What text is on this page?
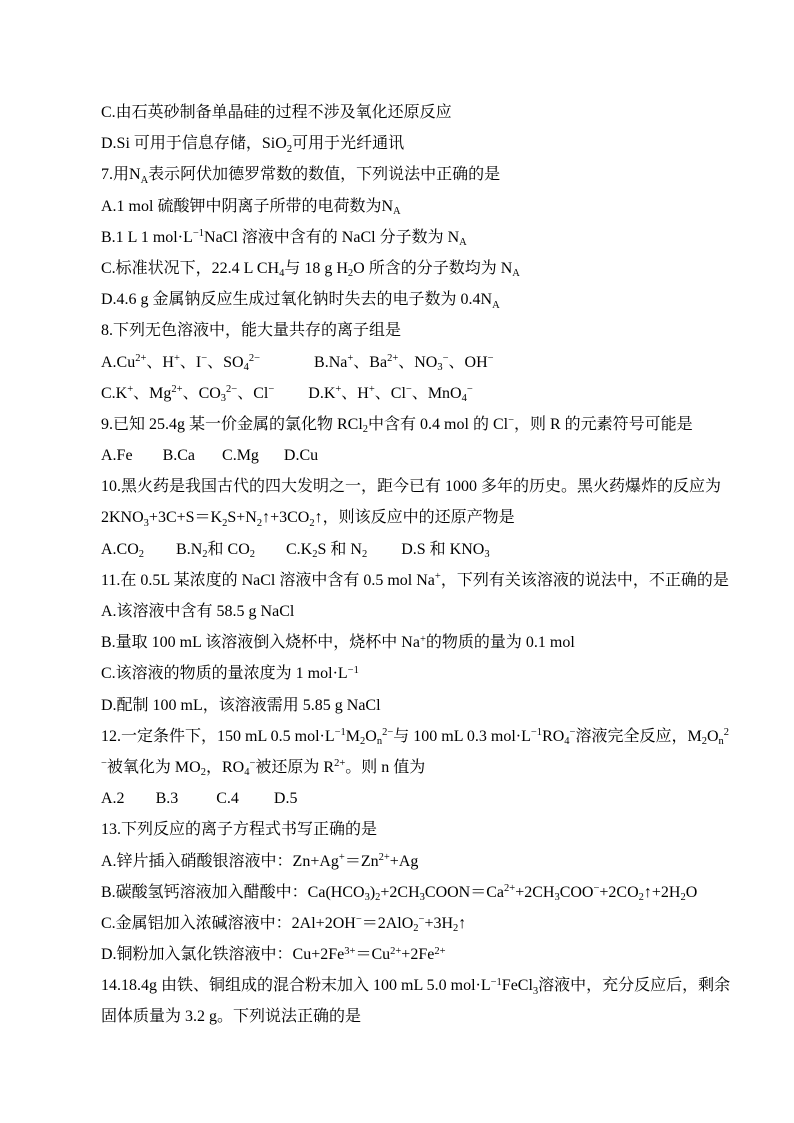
C.由石英砂制备单晶硅的过程不涉及氧化还原反应
D.Si 可用于信息存储，SiO$_2$可用于光纤通讯
7.用$N_A$表示阿伏加德罗常数的数值，下列说法中正确的是
A.1 mol 硫酸钾中阴离子所带的电荷数为$N_A$
B.1 L 1 $mol\cdot L^{-1}NaCl$ 溶液中含有的 NaCl 分子数为 $N_A$
C.标准状况下，22.4 L $CH_4$与 18 g $H_2O$ 所含的分子数均为 $N_A$
D.4.6 g 金属钠反应生成过氧化钠时失去的电子数为 $0.4N_A$
8.下列无色溶液中，能大量共存的离子组是
$A.Cu^{2+}$、H+、I−、$SO_4^{2-}$	B.Na+、$Ba^{2+}$、$NO_3^-$、OH−
C.K+、$Mg^{2+}$、$CO_3^{2-}$、Cl− D.K+、H+、Cl−、MnO$_4$−
9.已知 25.4g 某一价金属的氯化物 RCl$_2$中含有 0.4 mol 的 Cl−，则 R 的元素符号可能是
A.Fe B.Ca C.Mg D.Cu
10.黑火药是我国古代的四大发明之一，距今已有 1000 多年的历史。黑火药爆炸的反应为
$2KNO_3+3C+S=K_2S+N_2↑+3CO_2↑$，则该反应中的还原产物是
$A.CO_2$ $B.N_2$和 $CO_2$ $C.K_2S$ 和 $N_2$ D.S 和 $KNO_3$
11.在 0.5L 某浓度的 NaCl 溶液中含有 0.5 mol Na+，下列有关该溶液的说法中，不正确的是
A.该溶液中含有 58.5 g NaCl
B.量取 100 mL 该溶液倒入烧杯中，烧杯中 Na+的物质的量为 0.1 mol
C.该溶液的物质的量浓度为 1 $mol\cdot L^{-1}$
D.配制 100 mL，该溶液需用 5.85 g NaCl
12.一定条件下，150 mL 0.5 $mol\cdot L^{-1}M_2O_n^{2-}$与 100 mL 0.3 $mol\cdot L^{-1}RO_4^-$溶液完全反应，$M_2O_n^2$
−被氧化为 $MO_2$，$RO_4^-$被还原为 $R^{2+}$。则 n 值为
A.2 B.3 C.4 D.5
13.下列反应的离子方程式书写正确的是
A.锌片插入硝酸银溶液中：$Zn+Ag^+=Zn^{2+}+Ag$
B.碳酸氢钙溶液加入醋酸中：$Ca(HCO_3)_2+2CH_3COON=Ca^{2+}+2CH_3COO^-+2CO_2↑+2H_2O$
C.金属铝加入浓碱溶液中：$2Al+2OH^-=2AlO_2^-+3H_2↑$
D.铜粉加入氯化铁溶液中：$Cu+2Fe^{3+}=Cu^{2+}+2Fe^{2+}$
14.18.4g 由铁、铜组成的混合粉末加入 100 mL 5.0 $mol\cdot L^{-1}FeCl_3$溶液中，充分反应后，剩余
固体质量为 3.2 g。下列说法正确的是
